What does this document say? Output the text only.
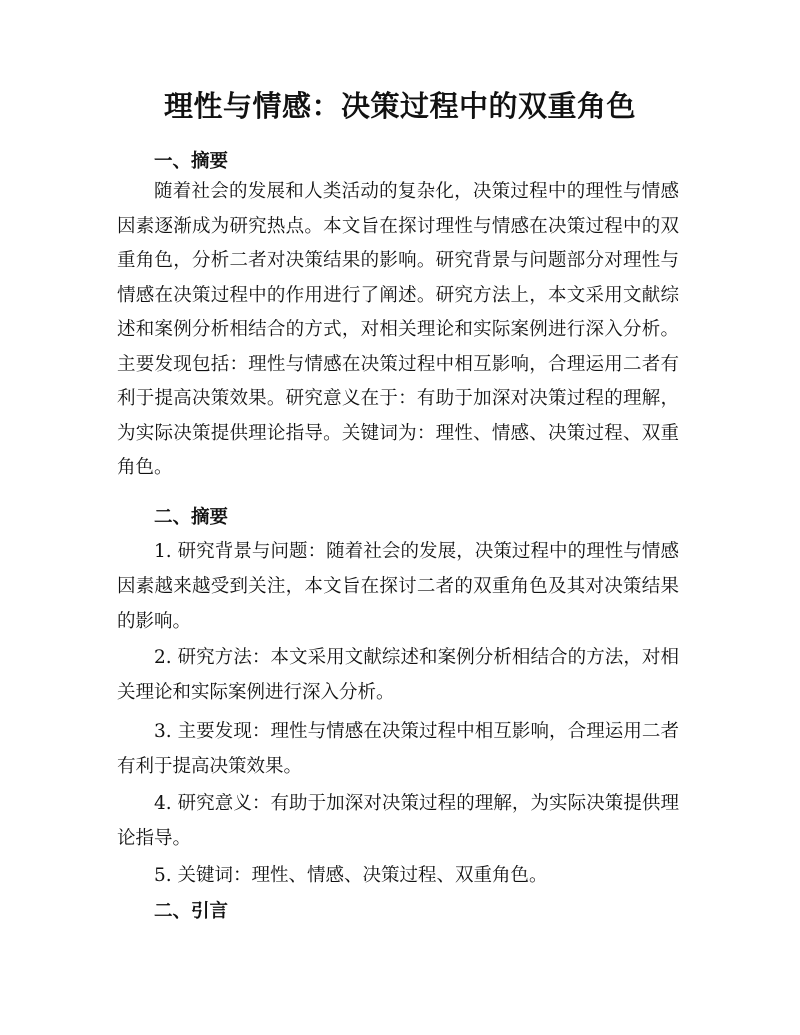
理性与情感：决策过程中的双重角色
一、摘要
随着社会的发展和人类活动的复杂化，决策过程中的理性与情感因素逐渐成为研究热点。本文旨在探讨理性与情感在决策过程中的双重角色，分析二者对决策结果的影响。研究背景与问题部分对理性与情感在决策过程中的作用进行了阐述。研究方法上，本文采用文献综述和案例分析相结合的方式，对相关理论和实际案例进行深入分析。主要发现包括：理性与情感在决策过程中相互影响，合理运用二者有利于提高决策效果。研究意义在于：有助于加深对决策过程的理解，为实际决策提供理论指导。关键词为：理性、情感、决策过程、双重角色。
二、摘要
1. 研究背景与问题：随着社会的发展，决策过程中的理性与情感因素越来越受到关注，本文旨在探讨二者的双重角色及其对决策结果的影响。
2. 研究方法：本文采用文献综述和案例分析相结合的方法，对相关理论和实际案例进行深入分析。
3. 主要发现：理性与情感在决策过程中相互影响，合理运用二者有利于提高决策效果。
4. 研究意义：有助于加深对决策过程的理解，为实际决策提供理论指导。
5. 关键词：理性、情感、决策过程、双重角色。
二、引言
